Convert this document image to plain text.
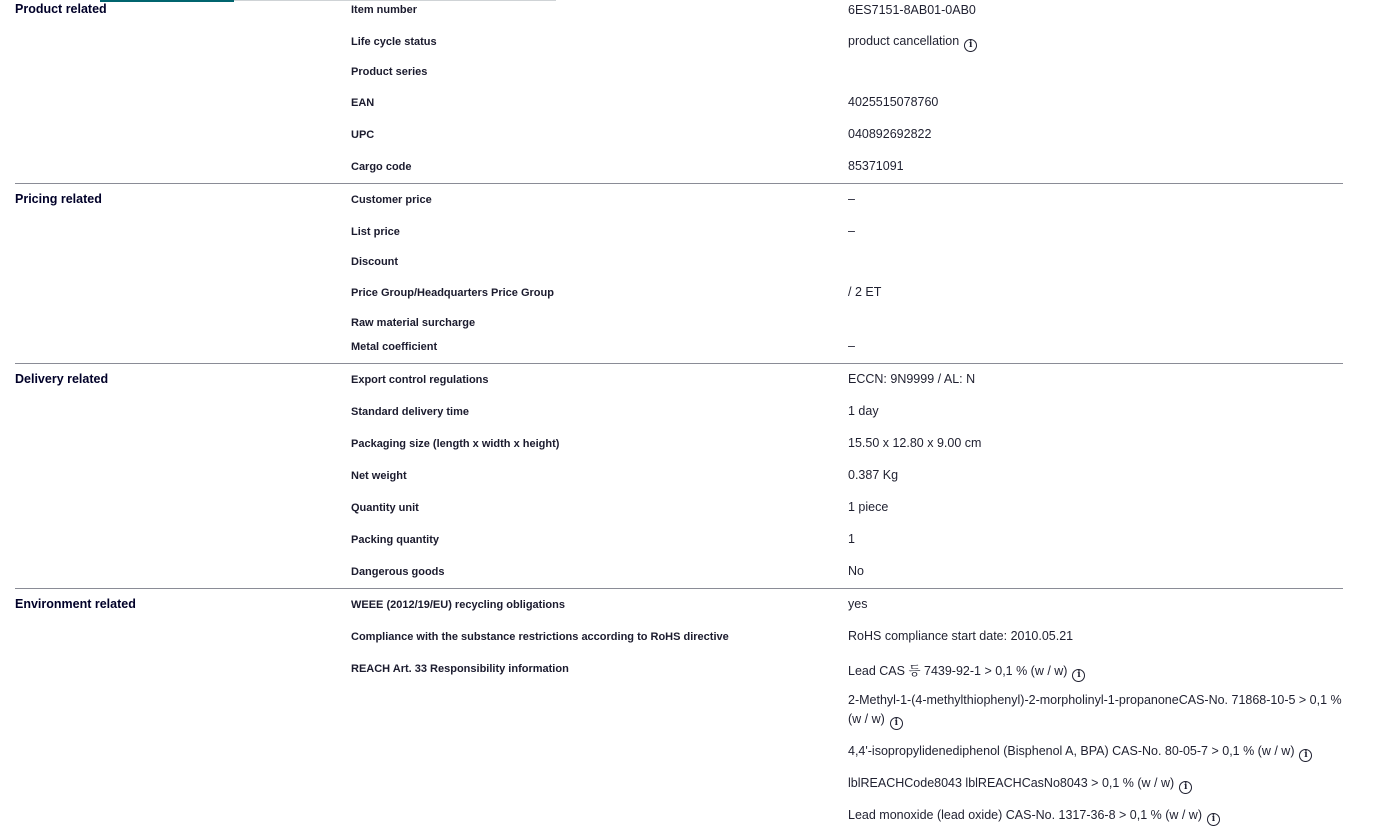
Product related	Item number	6ES7151-8AB01-0AB0
Life cycle status	product cancellation i
Product series
EAN	4025515078760
UPC	040892692822
Cargo code	85371091
Pricing related	Customer price	–
List price	–
Discount
Price Group/Headquarters Price Group	/ 2 ET
Raw material surcharge
Metal coefficient	–
Delivery related	Export control regulations	ECCN: 9N9999 / AL: N
Standard delivery time	1 day
Packaging size (length x width x height)	15.50 x 12.80 x 9.00 cm
Net weight	0.387 Kg
Quantity unit	1 piece
Packing quantity	1
Dangerous goods	No
Environment related	WEEE (2012/19/EU) recycling obligations	yes
Compliance with the substance restrictions according to RoHS directive	RoHS compliance start date: 2010.05.21
REACH Art. 33 Responsibility information	Lead CAS 등 7439-92-1 > 0,1 % (w / w) i
2-Methyl-1-(4-methylthiophenyl)-2-morpholinyl-1-propanoneCAS-No. 71868-10-5 > 0,1 % (w / w) i
4,4'-isopropylidenediphenol (Bisphenol A, BPA) CAS-No. 80-05-7 > 0,1 % (w / w) i
lblREACHCode8043 lblREACHCasNo8043 > 0,1 % (w / w) i
Lead monoxide (lead oxide) CAS-No. 1317-36-8 > 0,1 % (w / w) i
